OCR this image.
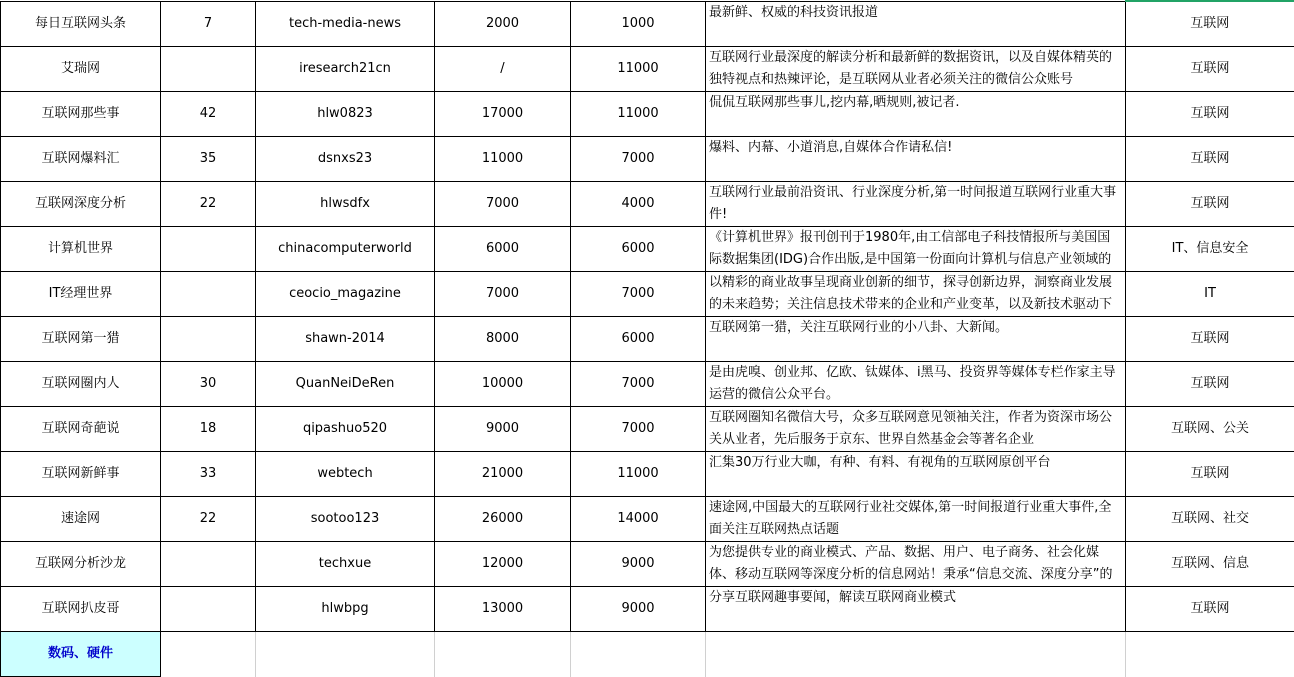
每日互联网头条	7	tech-media-news	2000	1000	最新鲜、权威的科技资讯报道	互联网
艾瑞网		iresearch21cn	/	11000	互联网行业最深度的解读分析和最新鲜的数据资讯，以及自媒体精英的独特视点和热辣评论，是互联网从业者必须关注的微信公众账号	互联网
互联网那些事	42	hlw0823	17000	11000	侃侃互联网那些事儿,挖内幕,晒规则,被记者.	互联网
互联网爆料汇	35	dsnxs23	11000	7000	爆料、内幕、小道消息,自媒体合作请私信!	互联网
互联网深度分析	22	hlwsdfx	7000	4000	互联网行业最前沿资讯、行业深度分析,第一时间报道互联网行业重大事件!	互联网
计算机世界		chinacomputerworld	6000	6000	《计算机世界》报刊创刊于1980年,由工信部电子科技情报所与美国国际数据集团(IDG)合作出版,是中国第一份面向计算机与信息产业领域的	IT、信息安全
IT经理世界		ceocio_magazine	7000	7000	以精彩的商业故事呈现商业创新的细节，探寻创新边界，洞察商业发展的未来趋势；关注信息技术带来的企业和产业变革，以及新技术驱动下	IT
互联网第一猎		shawn-2014	8000	6000	互联网第一猎，关注互联网行业的小八卦、大新闻。	互联网
互联网圈内人	30	QuanNeiDeRen	10000	7000	是由虎嗅、创业邦、亿欧、钛媒体、i黑马、投资界等媒体专栏作家主导运营的微信公众平台。	互联网
互联网奇葩说	18	qipashuo520	9000	7000	互联网圈知名微信大号，众多互联网意见领袖关注，作者为资深市场公关从业者，先后服务于京东、世界自然基金会等著名企业	互联网、公关
互联网新鲜事	33	webtech	21000	11000	汇集30万行业大咖，有种、有料、有视角的互联网原创平台	互联网
速途网	22	sootoo123	26000	14000	速途网,中国最大的互联网行业社交媒体,第一时间报道行业重大事件,全面关注互联网热点话题	互联网、社交
互联网分析沙龙		techxue	12000	9000	为您提供专业的商业模式、产品、数据、用户、电子商务、社会化媒体、移动互联网等深度分析的信息网站！秉承“信息交流、深度分享”的	互联网、信息
互联网扒皮哥		hlwbpg	13000	9000	分享互联网趣事要闻，解读互联网商业模式	互联网
数码、硬件						
